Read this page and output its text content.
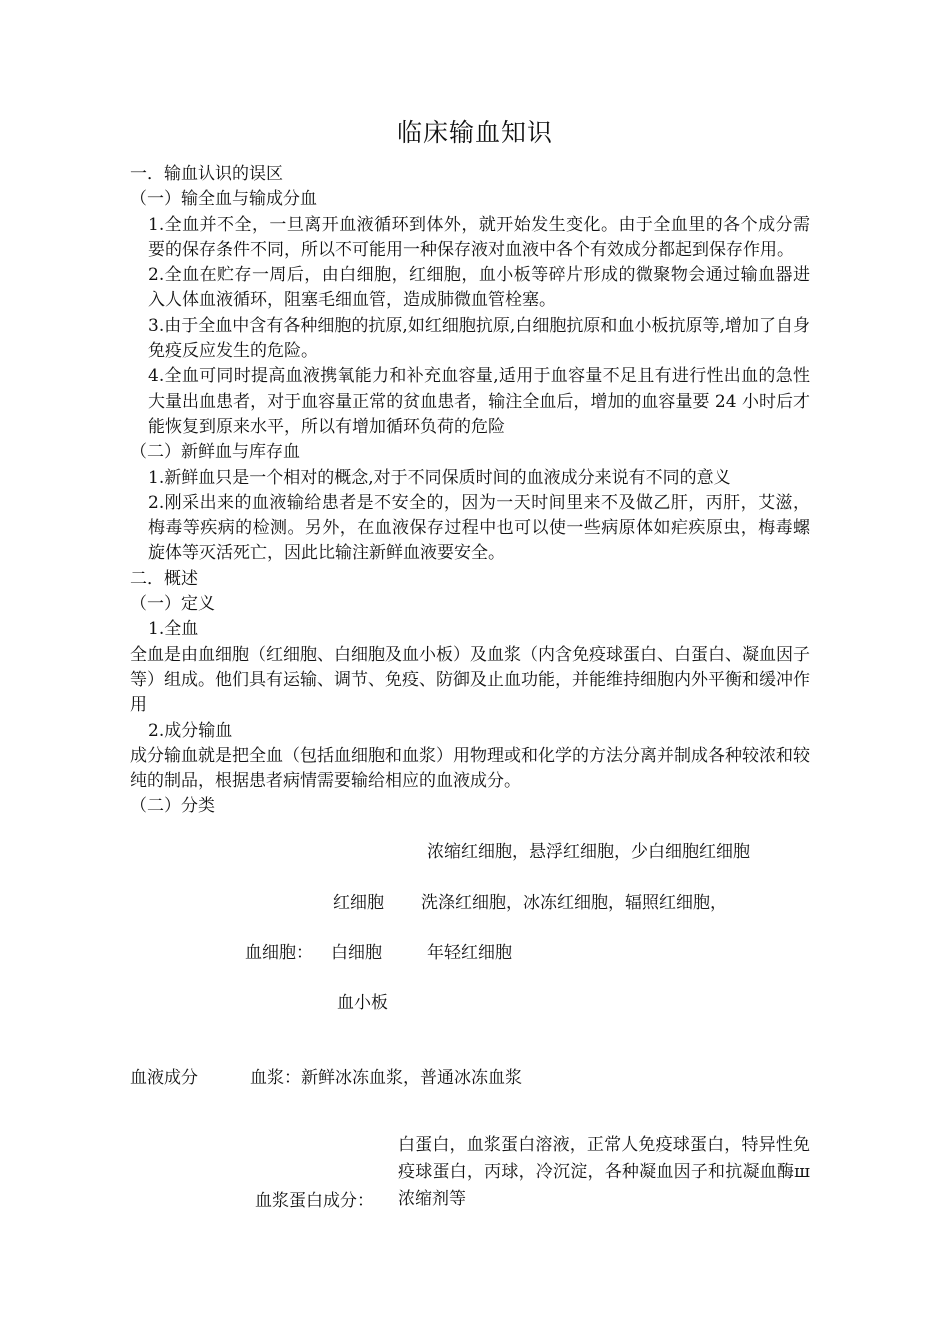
临床输血知识

一．输血认识的误区

（一）输全血与输成分血

1.全血并不全，一旦离开血液循环到体外，就开始发生变化。由于全血里的各个成分需要的保存条件不同，所以不可能用一种保存液对血液中各个有效成分都起到保存作用。

2.全血在贮存一周后，由白细胞，红细胞，血小板等碎片形成的微聚物会通过输血器进入人体血液循环，阻塞毛细血管，造成肺微血管栓塞。

3.由于全血中含有各种细胞的抗原,如红细胞抗原,白细胞抗原和血小板抗原等,增加了自身免疫反应发生的危险。

4.全血可同时提高血液携氧能力和补充血容量,适用于血容量不足且有进行性出血的急性大量出血患者，对于血容量正常的贫血患者，输注全血后，增加的血容量要 24 小时后才能恢复到原来水平，所以有增加循环负荷的危险

（二）新鲜血与库存血

1.新鲜血只是一个相对的概念,对于不同保质时间的血液成分来说有不同的意义

2.刚采出来的血液输给患者是不安全的，因为一天时间里来不及做乙肝，丙肝，艾滋，梅毒等疾病的检测。另外，在血液保存过程中也可以使一些病原体如疟疾原虫，梅毒螺旋体等灭活死亡，因此比输注新鲜血液要安全。

二．概述

（一）定义

1.全血

全血是由血细胞（红细胞、白细胞及血小板）及血浆（内含免疫球蛋白、白蛋白、凝血因子等）组成。他们具有运输、调节、免疫、防御及止血功能，并能维持细胞内外平衡和缓冲作用

2.成分输血

成分输血就是把全血（包括血细胞和血浆）用物理或和化学的方法分离并制成各种较浓和较纯的制品，根据患者病情需要输给相应的血液成分。

（二）分类

浓缩红细胞，悬浮红细胞，少白细胞红细胞
红细胞 洗涤红细胞，冰冻红细胞，辐照红细胞，
血细胞： 白细胞	年轻红细胞
血小板
血液成分	血浆：新鲜冰冻血浆，普通冰冻血浆
白蛋白，血浆蛋白溶液，正常人免疫球蛋白，特异性免疫球蛋白，丙球，冷沉淀，各种凝血因子和抗凝血酶ш浓缩剂等
血浆蛋白成分：
